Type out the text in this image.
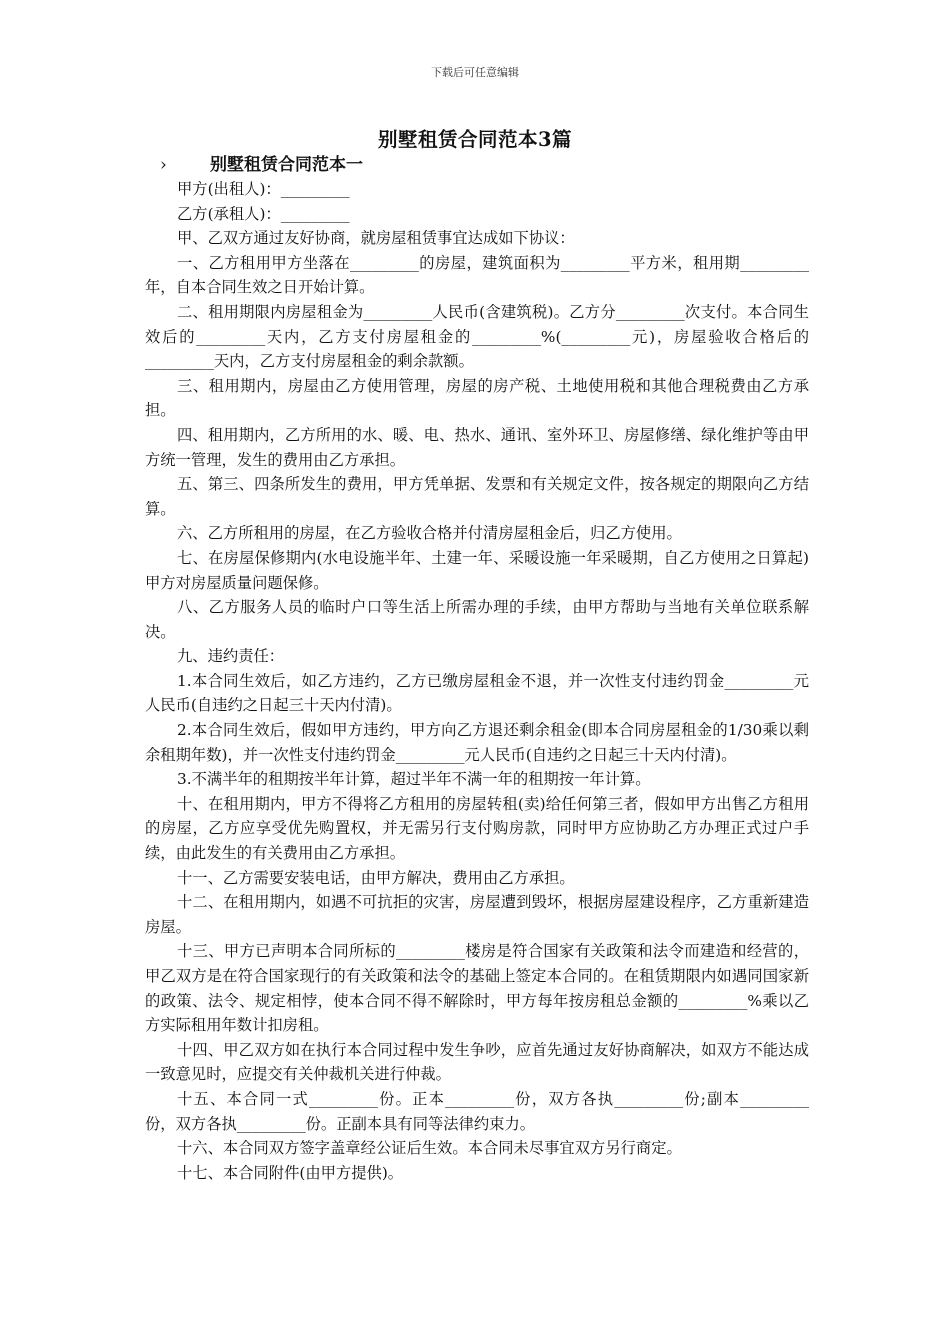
下载后可任意编辑
别墅租赁合同范本3篇
›	别墅租赁合同范本一

甲方(出租人)：_________

乙方(承租人)：_________

甲、乙双方通过友好协商，就房屋租赁事宜达成如下协议：

一、乙方租用甲方坐落在_________的房屋，建筑面积为_________平方米，租用期_________年，自本合同生效之日开始计算。

二、租用期限内房屋租金为_________人民币(含建筑税)。乙方分_________次支付。本合同生效后的_________天内，乙方支付房屋租金的_________%(_________元)，房屋验收合格后的_________天内，乙方支付房屋租金的剩余款额。

三、租用期内，房屋由乙方使用管理，房屋的房产税、土地使用税和其他合理税费由乙方承担。

四、租用期内，乙方所用的水、暖、电、热水、通讯、室外环卫、房屋修缮、绿化维护等由甲方统一管理，发生的费用由乙方承担。

五、第三、四条所发生的费用，甲方凭单据、发票和有关规定文件，按各规定的期限向乙方结算。

六、乙方所租用的房屋，在乙方验收合格并付清房屋租金后，归乙方使用。

七、在房屋保修期内(水电设施半年、土建一年、采暖设施一年采暖期，自乙方使用之日算起)甲方对房屋质量问题保修。

八、乙方服务人员的临时户口等生活上所需办理的手续，由甲方帮助与当地有关单位联系解决。

九、违约责任：

1.本合同生效后，如乙方违约，乙方已缴房屋租金不退，并一次性支付违约罚金_________元人民币(自违约之日起三十天内付清)。

2.本合同生效后，假如甲方违约，甲方向乙方退还剩余租金(即本合同房屋租金的1/30乘以剩余租期年数)，并一次性支付违约罚金_________元人民币(自违约之日起三十天内付清)。

3.不满半年的租期按半年计算，超过半年不满一年的租期按一年计算。

十、在租用期内，甲方不得将乙方租用的房屋转租(卖)给任何第三者，假如甲方出售乙方租用的房屋，乙方应享受优先购置权，并无需另行支付购房款，同时甲方应协助乙方办理正式过户手续，由此发生的有关费用由乙方承担。

十一、乙方需要安装电话，由甲方解决，费用由乙方承担。

十二、在租用期内，如遇不可抗拒的灾害，房屋遭到毁坏，根据房屋建设程序，乙方重新建造房屋。

十三、甲方已声明本合同所标的_________楼房是符合国家有关政策和法令而建造和经营的，甲乙双方是在符合国家现行的有关政策和法令的基础上签定本合同的。在租赁期限内如遇同国家新的政策、法令、规定相悖，使本合同不得不解除时，甲方每年按房租总金额的_________%乘以乙方实际租用年数计扣房租。

十四、甲乙双方如在执行本合同过程中发生争吵，应首先通过友好协商解决，如双方不能达成一致意见时，应提交有关仲裁机关进行仲裁。

十五、本合同一式_________份。正本_________份，双方各执_________份;副本_________份，双方各执_________份。正副本具有同等法律约束力。

十六、本合同双方签字盖章经公证后生效。本合同未尽事宜双方另行商定。

十七、本合同附件(由甲方提供)。
